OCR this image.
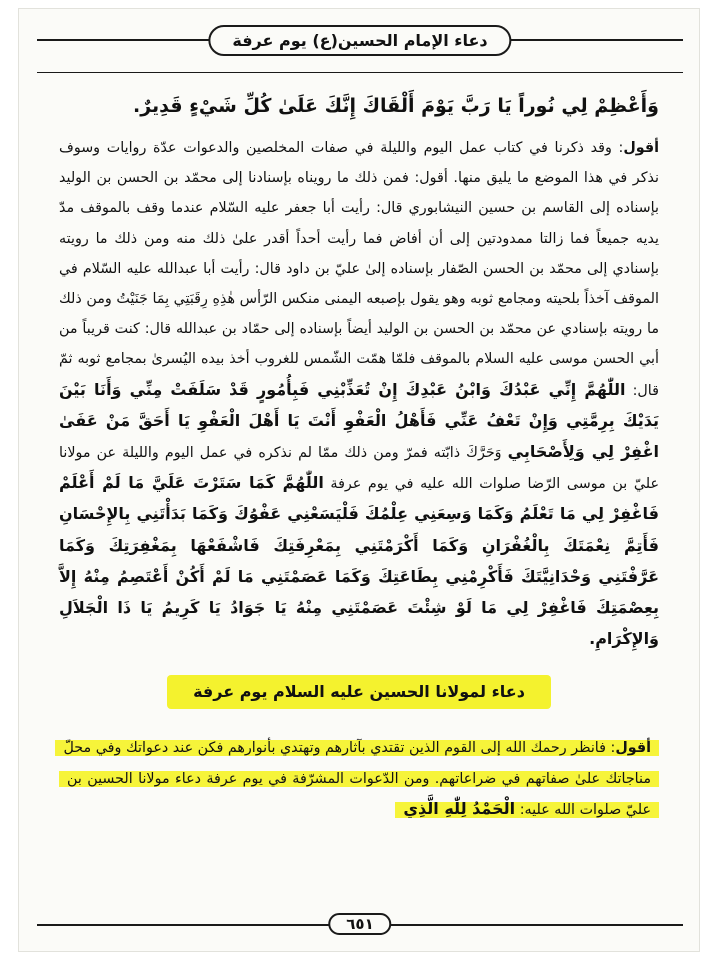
دعاء الإمام الحسين(ع) يوم عرفة

وَأَعْظِمْ لِي نُوراً يَا رَبَّ يَوْمَ أَلْقَاكَ إِنَّكَ عَلَىٰ كُلِّ شَيْءٍ قَدِيرٌ.

أقول: وقد ذكرنا في كتاب عمل اليوم والليلة في صفات المخلصين والدعوات عدّة روايات وسوف نذكر في هذا الموضع ما يليق منها. أقول: فمن ذلك ما رويناه بإسنادنا إلى محمّد بن الحسن بن الوليد بإسناده إلى القاسم بن حسين النيشابوري قال: رأيت أبا جعفر عليه السّلام عندما وقف بالموقف مدّ يديه جميعاً فما زالتا ممدودتين إلى أن أفاض فما رأيت أحداً أقدر علىٰ ذلك منه ومن ذلك ما رويته بإسنادي إلى محمّد بن الحسن الصّفار بإسناده إلىٰ عليّ بن داود قال: رأيت أبا عبدالله عليه السّلام في الموقف آخذاً بلحيته ومجامع ثوبه وهو يقول بإصبعه اليمنى منكس الرّأس هٰذِهِ رِقَبَتِي بِمَا جَنَيْتُ ومن ذلك ما رويته بإسنادي عن محمّد بن الحسن بن الوليد أيضاً بإسناده إلى حمّاد بن عبدالله قال: كنت قريباً من أبي الحسن موسى عليه السلام بالموقف فلمّا همّت الشّمس للغروب أخذ بيده اليُسرىٰ بمجامع ثوبه ثمّ قال: اللّٰهُمَّ إِنِّي عَبْدُكَ وَابْنُ عَبْدِكَ إِنْ تُعَذِّبْنِي فَبِأُمُورٍ قَدْ سَلَفَتْ مِنِّي وَأَنَا بَيْنَ يَدَيْكَ بِرِمَّتِي وَإِنْ تَعْفُ عَنِّي فَأَهْلُ الْعَفْوِ أَنْتَ يَا أَهْلَ الْعَفْوِ يَا أَحَقَّ مَنْ عَفَىٰ اغْفِرْ لِي وَلِأَصْحَابِي وَحَرَّكَ ذابّته فمرّ ومن ذلك ممّا لم نذكره في عمل اليوم والليلة عن مولانا عليّ بن موسى الرّضا صلوات الله عليه في يوم عرفة اللّٰهُمَّ كَمَا سَتَرْتَ عَلَيَّ مَا لَمْ أَعْلَمْ فَاغْفِرْ لِي مَا تَعْلَمُ وَكَمَا وَسِعَنِي عِلْمُكَ فَلْيَسَعْنِي عَفْوُكَ وَكَمَا بَدَأْتَنِي بِالإِحْسَانِ فَأَتِمَّ نِعْمَتَكَ بِالْغُفْرَانِ وَكَمَا أَكْرَمْتَنِي بِمَعْرِفَتِكَ فَاشْفَعْهَا بِمَغْفِرَتِكَ وَكَمَا عَرَّفْتَنِي وَحْدَانِيَّتَكَ فَأَكْرِمْنِي بِطَاعَتِكَ وَكَمَا عَصَمْتَنِي مَا لَمْ أَكُنْ أَعْتَصِمُ مِنْهُ إِلاَّ بِعِصْمَتِكَ فَاغْفِرْ لِي مَا لَوْ شِئْتَ عَصَمْتَنِي مِنْهُ يَا جَوَادُ يَا كَرِيمُ يَا ذَا الْجَلاَلِ وَالإِكْرَامِ.

دعاء لمولانا الحسين عليه السلام يوم عرفة

أقول: فانظر رحمك الله إلى القوم الذين تقتدي بآثارهم وتهتدي بأنوارهم فكن عند دعواتك وفي محلّ مناجاتك علىٰ صفاتهم في ضراعاتهم. ومن الدّعوات المشرّفة في يوم عرفة دعاء مولانا الحسين بن عليّ صلوات الله عليه: الْحَمْدُ لِلّٰهِ الَّذِي

٦٥١
